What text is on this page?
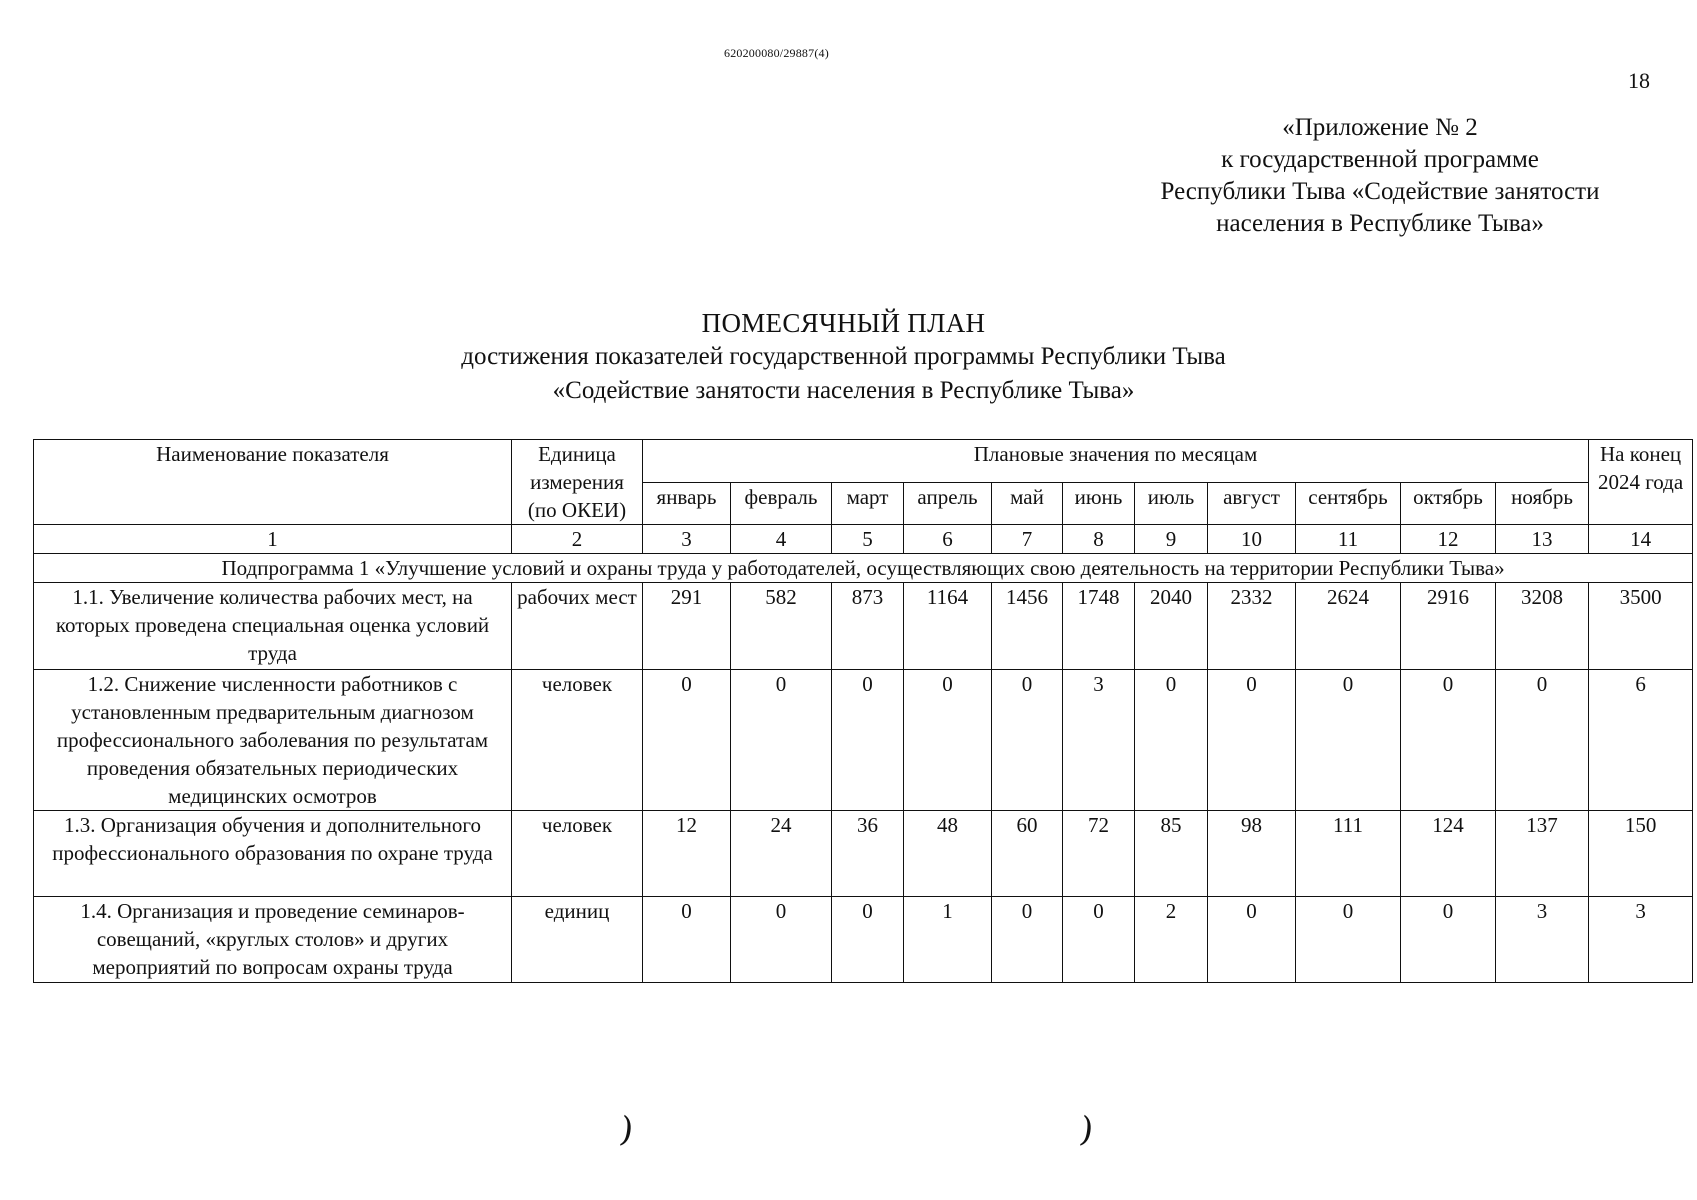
620200080/29887(4)
18
«Приложение № 2
к государственной программе
Республики Тыва «Содействие занятости
населения в Республике Тыва»
ПОМЕСЯЧНЫЙ ПЛАН
достижения показателей государственной программы Республики Тыва
«Содействие занятости населения в Республике Тыва»
Наименование показателя	Единица измерения (по ОКЕИ)	Плановые значения по месяцам											На конец 2024 года
		январь	февраль	март	апрель	май	июнь	июль	август	сентябрь	октябрь	ноябрь	
1	2	3	4	5	6	7	8	9	10	11	12	13	14
Подпрограмма 1 «Улучшение условий и охраны труда у работодателей, осуществляющих свою деятельность на территории Республики Тыва»													
1.1. Увеличение количества рабочих мест, на которых проведена специальная оценка условий труда	рабочих мест	291	582	873	1164	1456	1748	2040	2332	2624	2916	3208	3500
1.2. Снижение численности работников с установленным предварительным диагнозом профессионального заболевания по результатам проведения обязательных периодических медицинских осмотров	человек	0	0	0	0	0	3	0	0	0	0	0	6
1.3. Организация обучения и дополнительного профессионального образования по охране труда	человек	12	24	36	48	60	72	85	98	111	124	137	150
1.4. Организация и проведение семинаров-совещаний, «круглых столов» и других мероприятий по вопросам охраны труда	единиц	0	0	0	1	0	0	2	0	0	0	3	3
)	)
